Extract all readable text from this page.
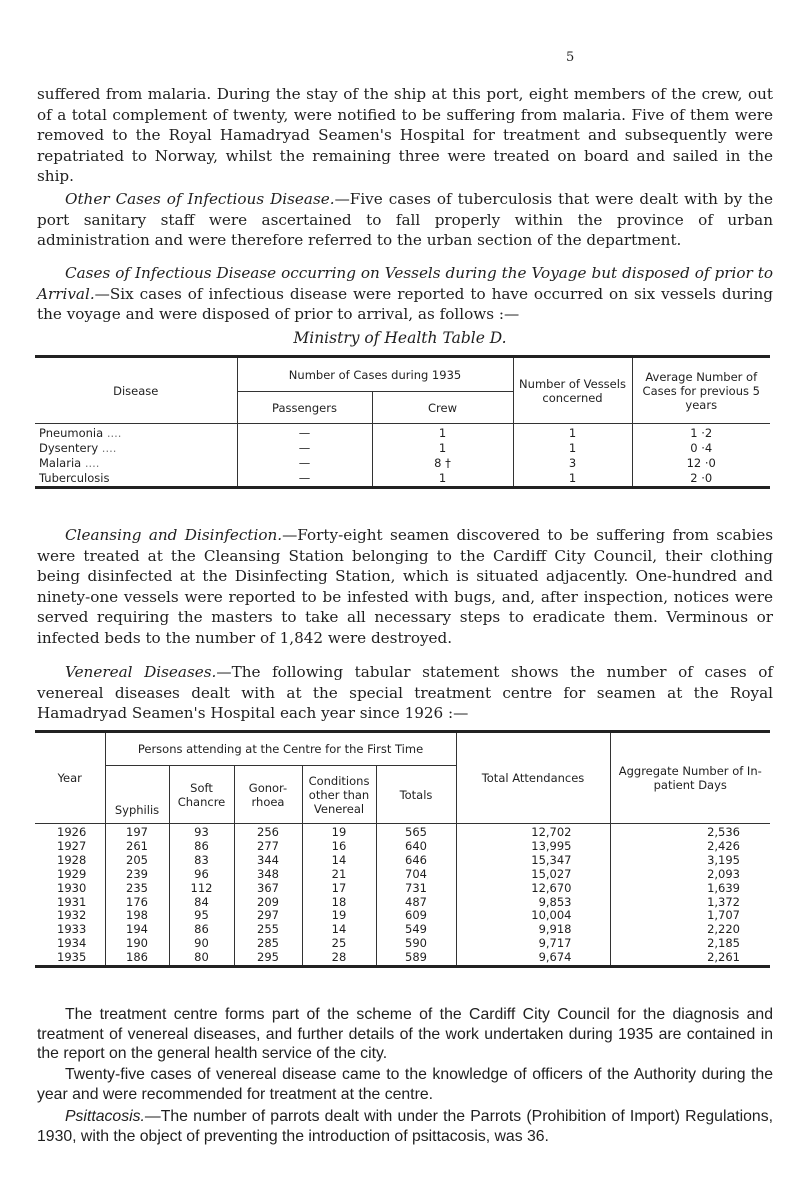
5

suffered from malaria. During the stay of the ship at this port, eight members of the crew, out of a total complement of twenty, were notified to be suffering from malaria. Five of them were removed to the Royal Hamadryad Seamen's Hospital for treatment and subsequently were repatriated to Norway, whilst the remaining three were treated on board and sailed in the ship.

Other Cases of Infectious Disease.—Five cases of tuberculosis that were dealt with by the port sanitary staff were ascertained to fall properly within the province of urban administration and were therefore referred to the urban section of the department.

Cases of Infectious Disease occurring on Vessels during the Voyage but disposed of prior to Arrival.—Six cases of infectious disease were reported to have occurred on six vessels during the voyage and were disposed of prior to arrival, as follows :—

Ministry of Health Table D.
Disease	Number of Cases during 1935		Number of Vessels concerned	Average Number of Cases for previous 5 years
	Passengers	Crew		
Pneumonia ....	—	1	1	1 ·2
Dysentery ....	—	1	1	0 ·4
Malaria ....	—	8 †	3	12 ·0
Tuberculosis	—	1	1	2 ·0

Cleansing and Disinfection.—Forty-eight seamen discovered to be suffering from scabies were treated at the Cleansing Station belonging to the Cardiff City Council, their clothing being disinfected at the Disinfecting Station, which is situated adjacently. One-hundred and ninety-one vessels were reported to be infested with bugs, and, after inspection, notices were served requiring the masters to take all necessary steps to eradicate them. Verminous or infected beds to the number of 1,842 were destroyed.

Venereal Diseases.—The following tabular statement shows the number of cases of venereal diseases dealt with at the special treatment centre for seamen at the Royal Hamadryad Seamen's Hospital each year since 1926 :—

Year	Persons attending at the Centre for the First Time					Total Attendances	Aggregate Number of In-patient Days
	Syphilis	Soft Chancre	Gonor- rhoea	Conditions other than Venereal	Totals		
1926	197	93	256	19	565	12,702	2,536
1927	261	86	277	16	640	13,995	2,426
1928	205	83	344	14	646	15,347	3,195
1929	239	96	348	21	704	15,027	2,093
1930	235	112	367	17	731	12,670	1,639
1931	176	84	209	18	487	9,853	1,372
1932	198	95	297	19	609	10,004	1,707
1933	194	86	255	14	549	9,918	2,220
1934	190	90	285	25	590	9,717	2,185
1935	186	80	295	28	589	9,674	2,261

The treatment centre forms part of the scheme of the Cardiff City Council for the diagnosis and treatment of venereal diseases, and further details of the work undertaken during 1935 are contained in the report on the general health service of the city.

Twenty-five cases of venereal disease came to the knowledge of officers of the Authority during the year and were recommended for treatment at the centre.

Psittacosis.—The number of parrots dealt with under the Parrots (Prohibition of Import) Regulations, 1930, with the object of preventing the introduction of psittacosis, was 36.
